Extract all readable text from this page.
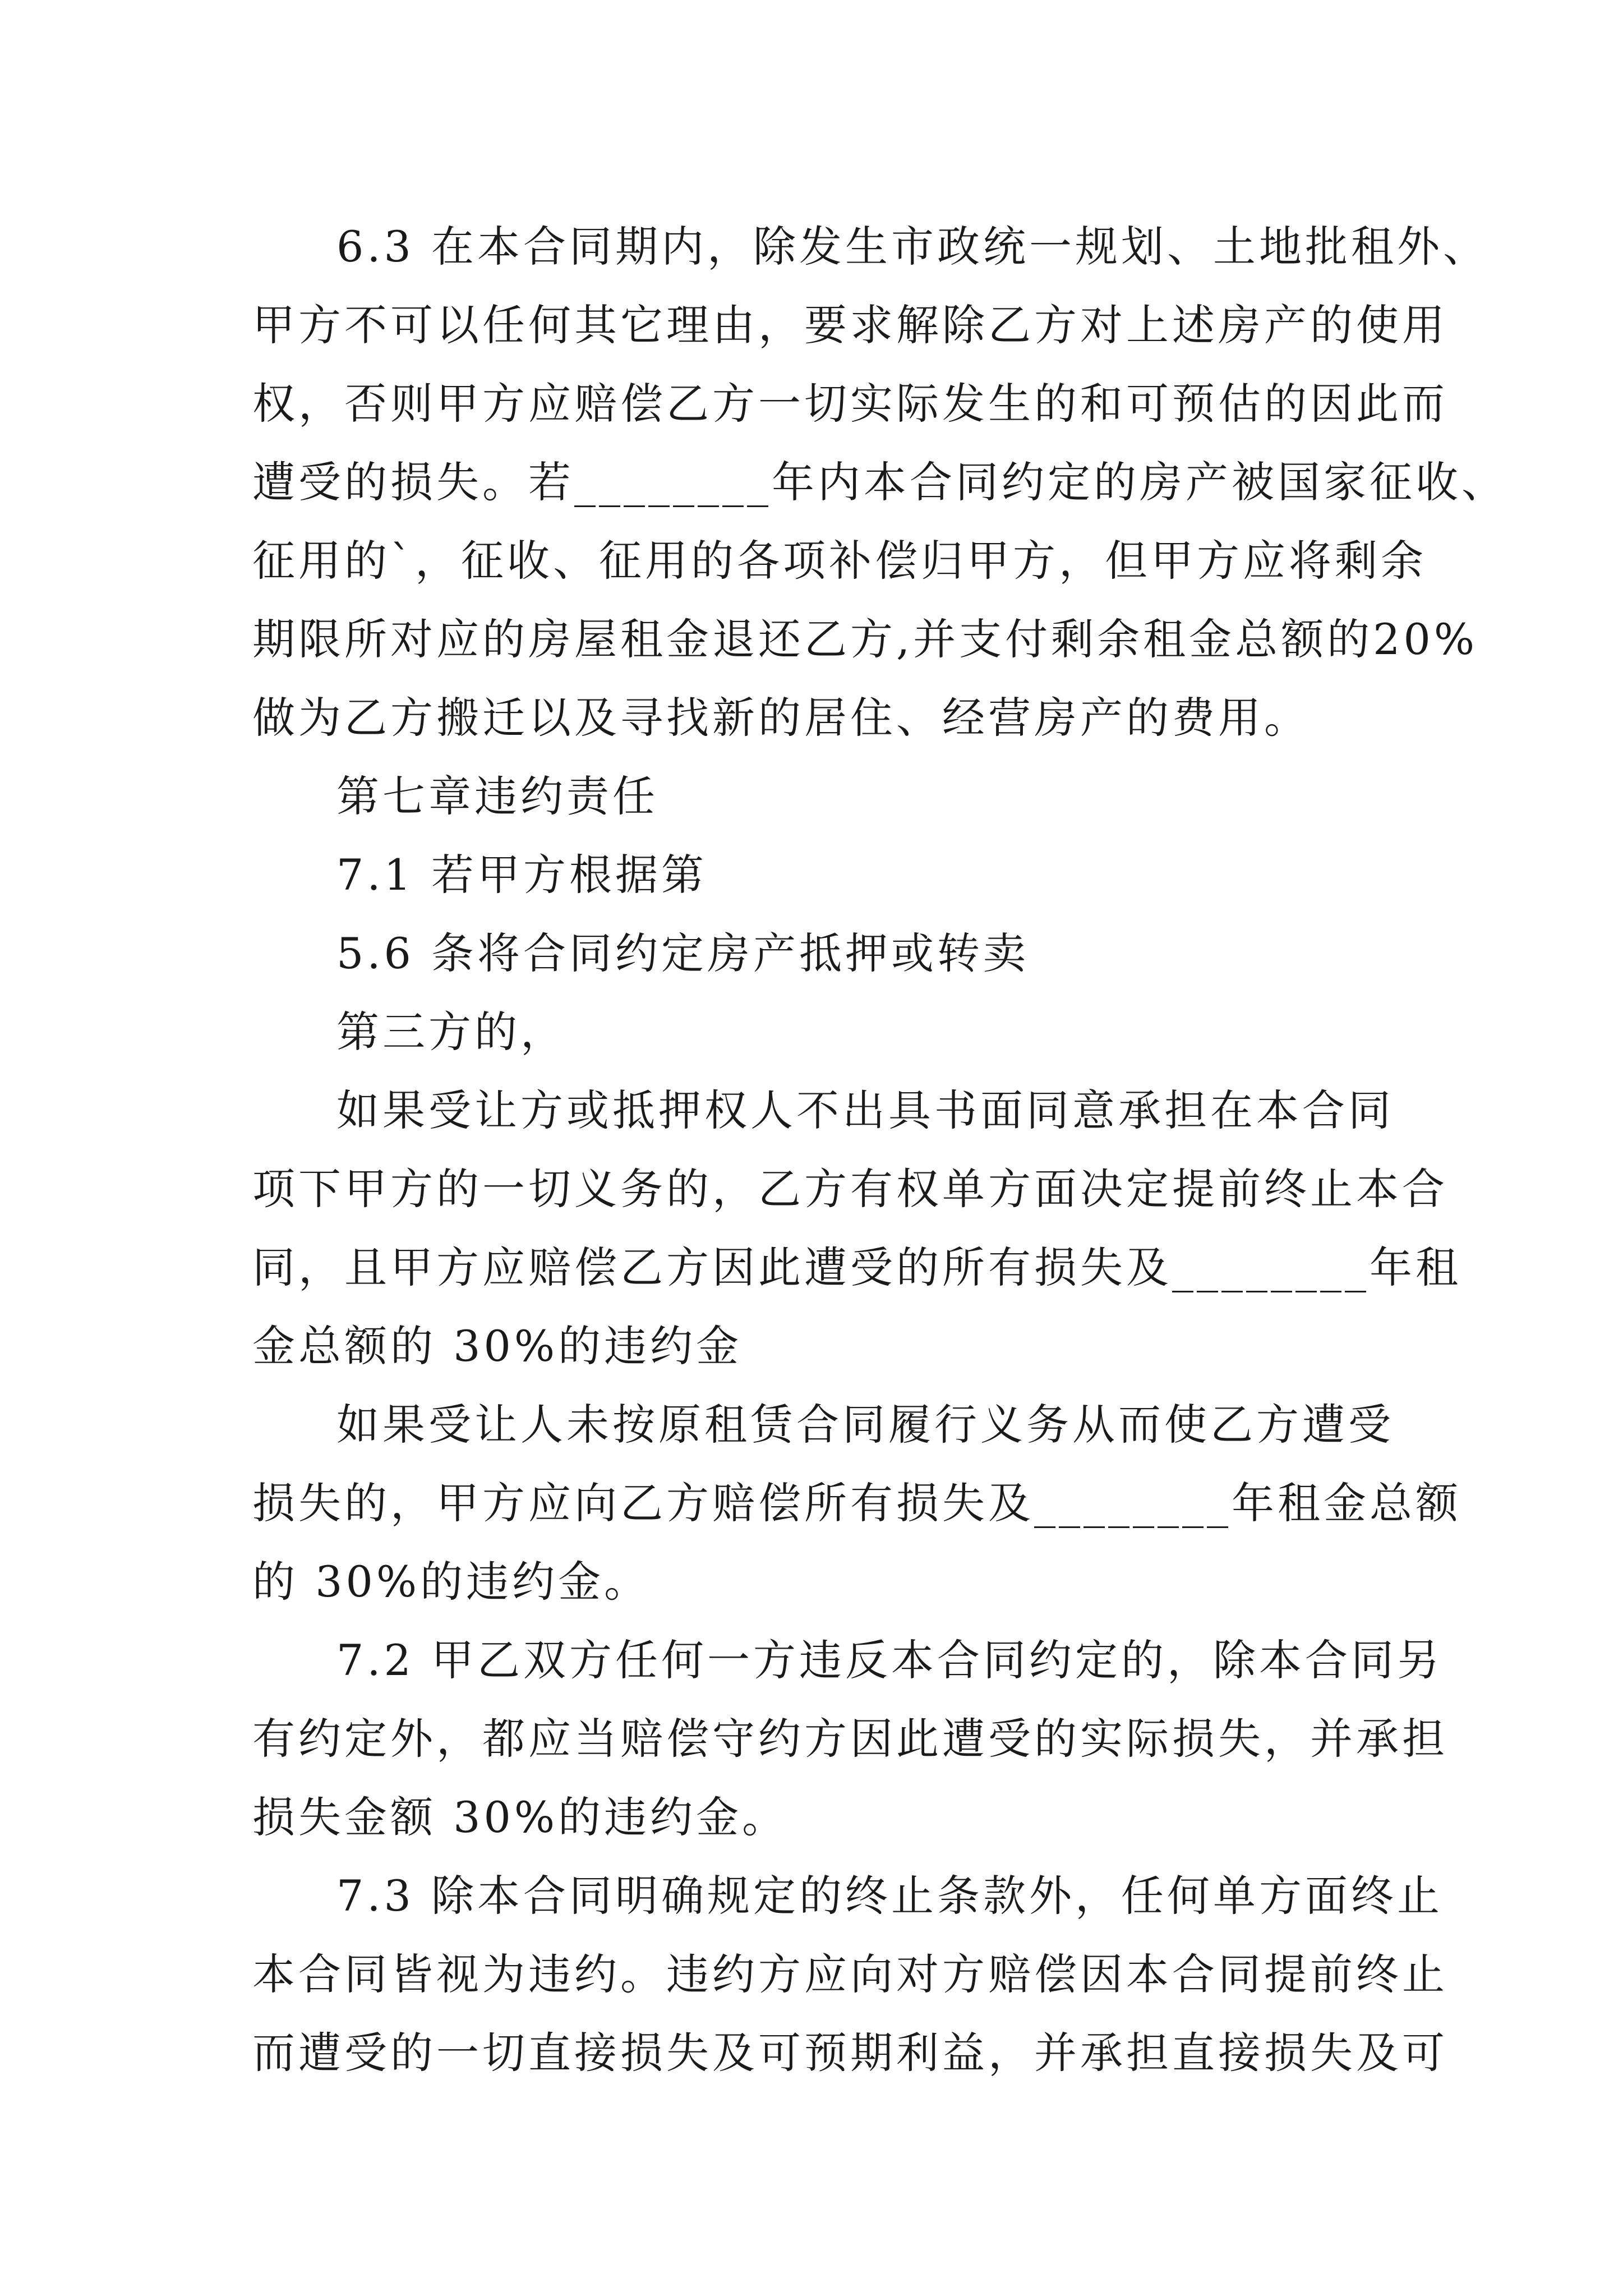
6.3 在本合同期内，除发生市政统一规划、土地批租外、
甲方不可以任何其它理由，要求解除乙方对上述房产的使用
权，否则甲方应赔偿乙方一切实际发生的和可预估的因此而
遭受的损失。若________年内本合同约定的房产被国家征收、
征用的`，征收、征用的各项补偿归甲方，但甲方应将剩余
期限所对应的房屋租金退还乙方,并支付剩余租金总额的20%
做为乙方搬迁以及寻找新的居住、经营房产的费用。
第七章违约责任
7.1 若甲方根据第
5.6 条将合同约定房产抵押或转卖
第三方的，
如果受让方或抵押权人不出具书面同意承担在本合同
项下甲方的一切义务的，乙方有权单方面决定提前终止本合
同，且甲方应赔偿乙方因此遭受的所有损失及________年租
金总额的 30%的违约金
如果受让人未按原租赁合同履行义务从而使乙方遭受
损失的，甲方应向乙方赔偿所有损失及________年租金总额
的 30%的违约金。
7.2 甲乙双方任何一方违反本合同约定的，除本合同另
有约定外，都应当赔偿守约方因此遭受的实际损失，并承担
损失金额 30%的违约金。
7.3 除本合同明确规定的终止条款外，任何单方面终止
本合同皆视为违约。违约方应向对方赔偿因本合同提前终止
而遭受的一切直接损失及可预期利益，并承担直接损失及可
